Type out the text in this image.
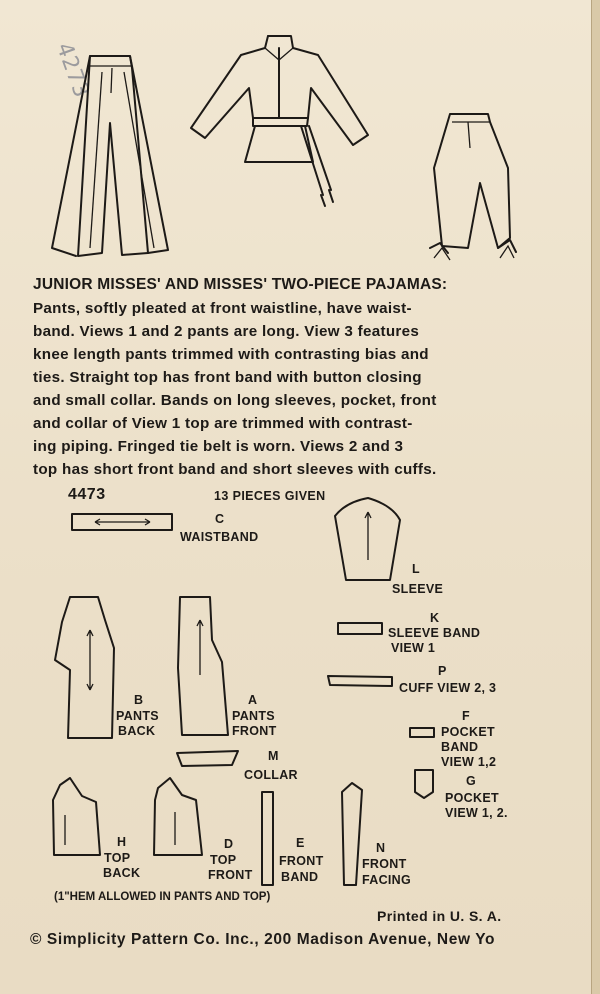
4273
JUNIOR MISSES' AND MISSES' TWO-PIECE PAJAMAS:
Pants, softly pleated at front waistline, have waist-
band. Views 1 and 2 pants are long. View 3 features
knee length pants trimmed with contrasting bias and
ties. Straight top has front band with button closing
and small collar. Bands on long sleeves, pocket, front
and collar of View 1 top are trimmed with contrast-
ing piping. Fringed tie belt is worn. Views 2 and 3
top has short front band and short sleeves with cuffs.
4473	13 PIECES GIVEN
C
WAISTBAND
L
SLEEVE
K
SLEEVE BAND
VIEW 1
P
CUFF VIEW 2, 3
B
PANTS
BACK
A
PANTS
FRONT
F
POCKET
BAND
VIEW 1,2
M
COLLAR	G
POCKET
VIEW 1, 2.
H
TOP
BACK
D
TOP
FRONT
E
FRONT
BAND
N
FRONT
FACING
(1"HEM ALLOWED IN PANTS AND TOP)
Printed in U. S. A.
© Simplicity Pattern Co. Inc., 200 Madison Avenue, New Yo
